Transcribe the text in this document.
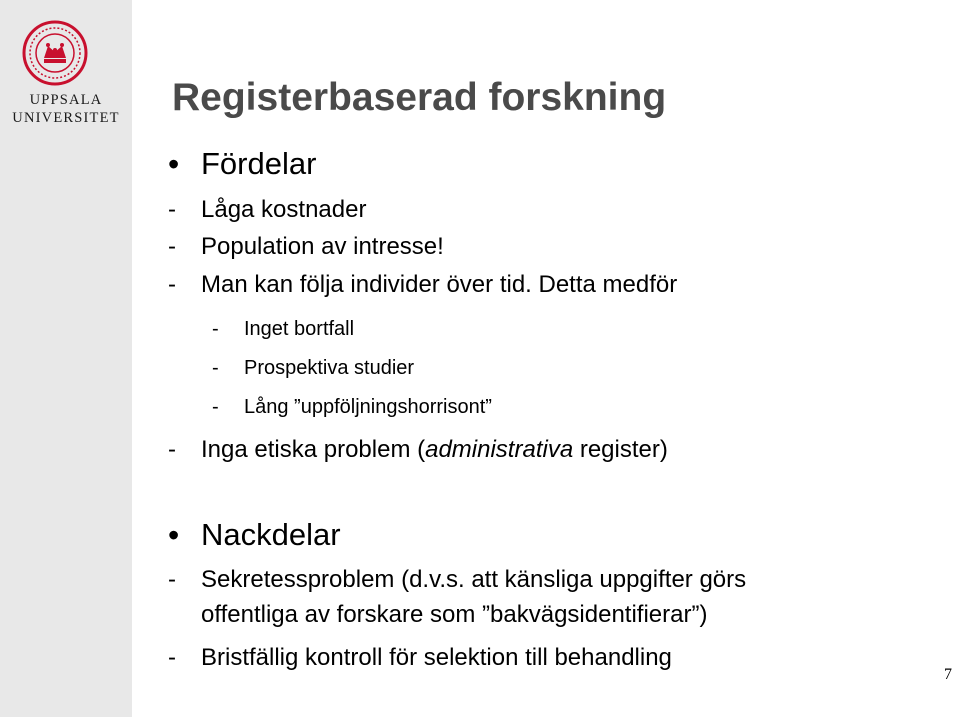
UPPSALA
UNIVERSITET	Registerbaserad forskning
• Fördelar
- Låga kostnader
- Population av intresse!
- Man kan följa individer över tid. Detta medför
- Inget bortfall
- Prospektiva studier
- Lång ”uppföljningshorrisont”
- Inga etiska problem (administrativa register)
• Nackdelar
- Sekretessproblem (d.v.s. att känsliga uppgifter görs
offentliga av forskare som ”bakvägsidentifierar”)
- Bristfällig kontroll för selektion till behandling
7
